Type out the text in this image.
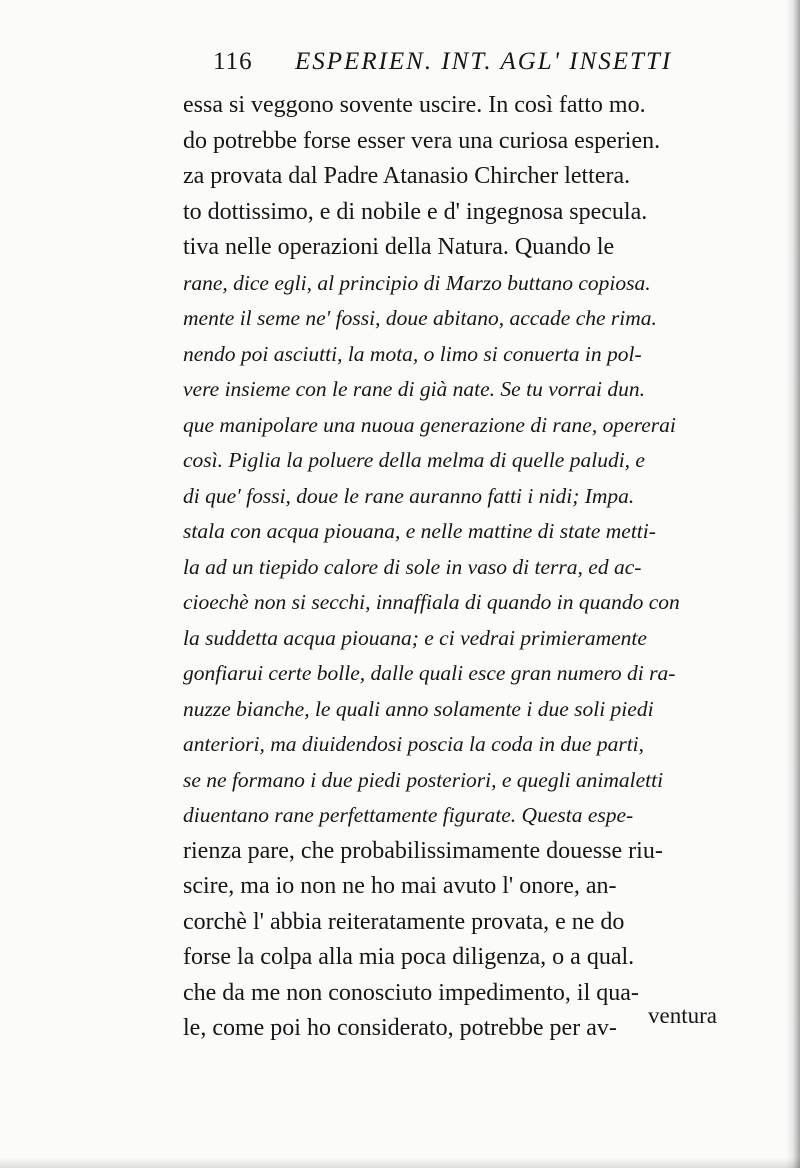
116 ESPERIEN. INT. AGL' INSETTI
essa si veggono sovente uscire. In così fatto mo.
do potrebbe forse esser vera una curiosa esperien.
za provata dal Padre Atanasio Chircher lettera.
to dottissimo, e di nobile e d' ingegnosa specula.
tiva nelle operazioni della Natura. Quando le
rane, dice egli, al principio di Marzo buttano copiosa.
mente il seme ne' fossi, doue abitano, accade che rima.
nendo poi asciutti, la mota, o limo si conuerta in pol-
vere insieme con le rane di già nate. Se tu vorrai dun.
que manipolare una nuoua generazione di rane, opererai
così. Piglia la poluere della melma di quelle paludi, e
di que' fossi, doue le rane auranno fatti i nidi; Impa.
stala con acqua piouana, e nelle mattine di state metti-
la ad un tiepido calore di sole in vaso di terra, ed ac-
cioechè non si secchi, innaffiala di quando in quando con
la suddetta acqua piouana; e ci vedrai primieramente
gonfiarui certe bolle, dalle quali esce gran numero di ra-
nuzze bianche, le quali anno solamente i due soli piedi
anteriori, ma diuidendosi poscia la coda in due parti,
se ne formano i due piedi posteriori, e quegli animaletti
diuentano rane perfettamente figurate. Questa espe-
rienza pare, che probabilissimamente douesse riu-
scire, ma io non ne ho mai avuto l' onore, an-
corchè l' abbia reiteratamente provata, e ne do
forse la colpa alla mia poca diligenza, o a qual.
che da me non conosciuto impedimento, il qua-
le, come poi ho considerato, potrebbe per av-	ventura
